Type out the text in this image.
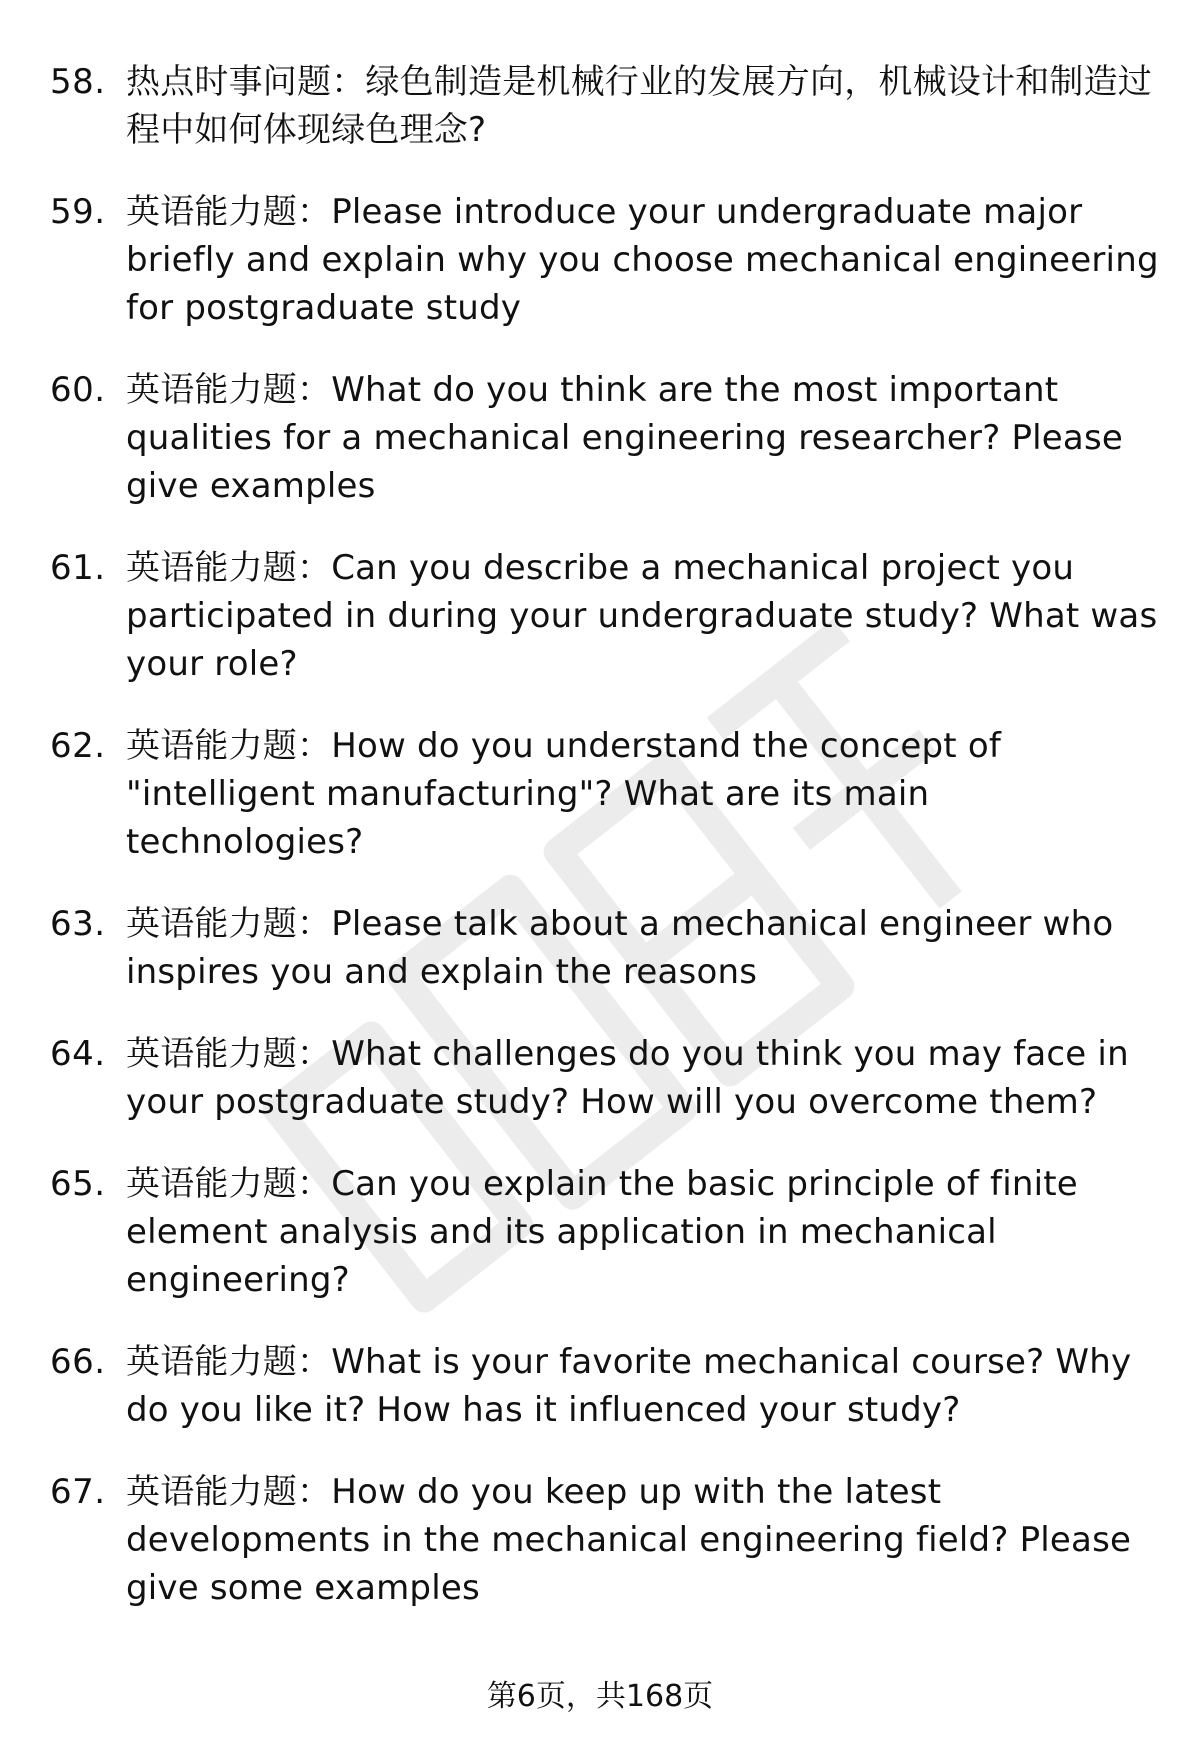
58. 热点时事问题：绿色制造是机械行业的发展方向，机械设计和制造过程中如何体现绿色理念?
59. 英语能力题：Please introduce your undergraduate major briefly and explain why you choose mechanical engineering for postgraduate study
60. 英语能力题：What do you think are the most important qualities for a mechanical engineering researcher? Please give examples
61. 英语能力题：Can you describe a mechanical project you participated in during your undergraduate study? What was your role?
62. 英语能力题：How do you understand the concept of "intelligent manufacturing"? What are its main technologies?
63. 英语能力题：Please talk about a mechanical engineer who inspires you and explain the reasons
64. 英语能力题：What challenges do you think you may face in your postgraduate study? How will you overcome them?
65. 英语能力题：Can you explain the basic principle of finite element analysis and its application in mechanical engineering?
66. 英语能力题：What is your favorite mechanical course? Why do you like it? How has it influenced your study?
67. 英语能力题：How do you keep up with the latest developments in the mechanical engineering field? Please give some examples
第6页，共168页
